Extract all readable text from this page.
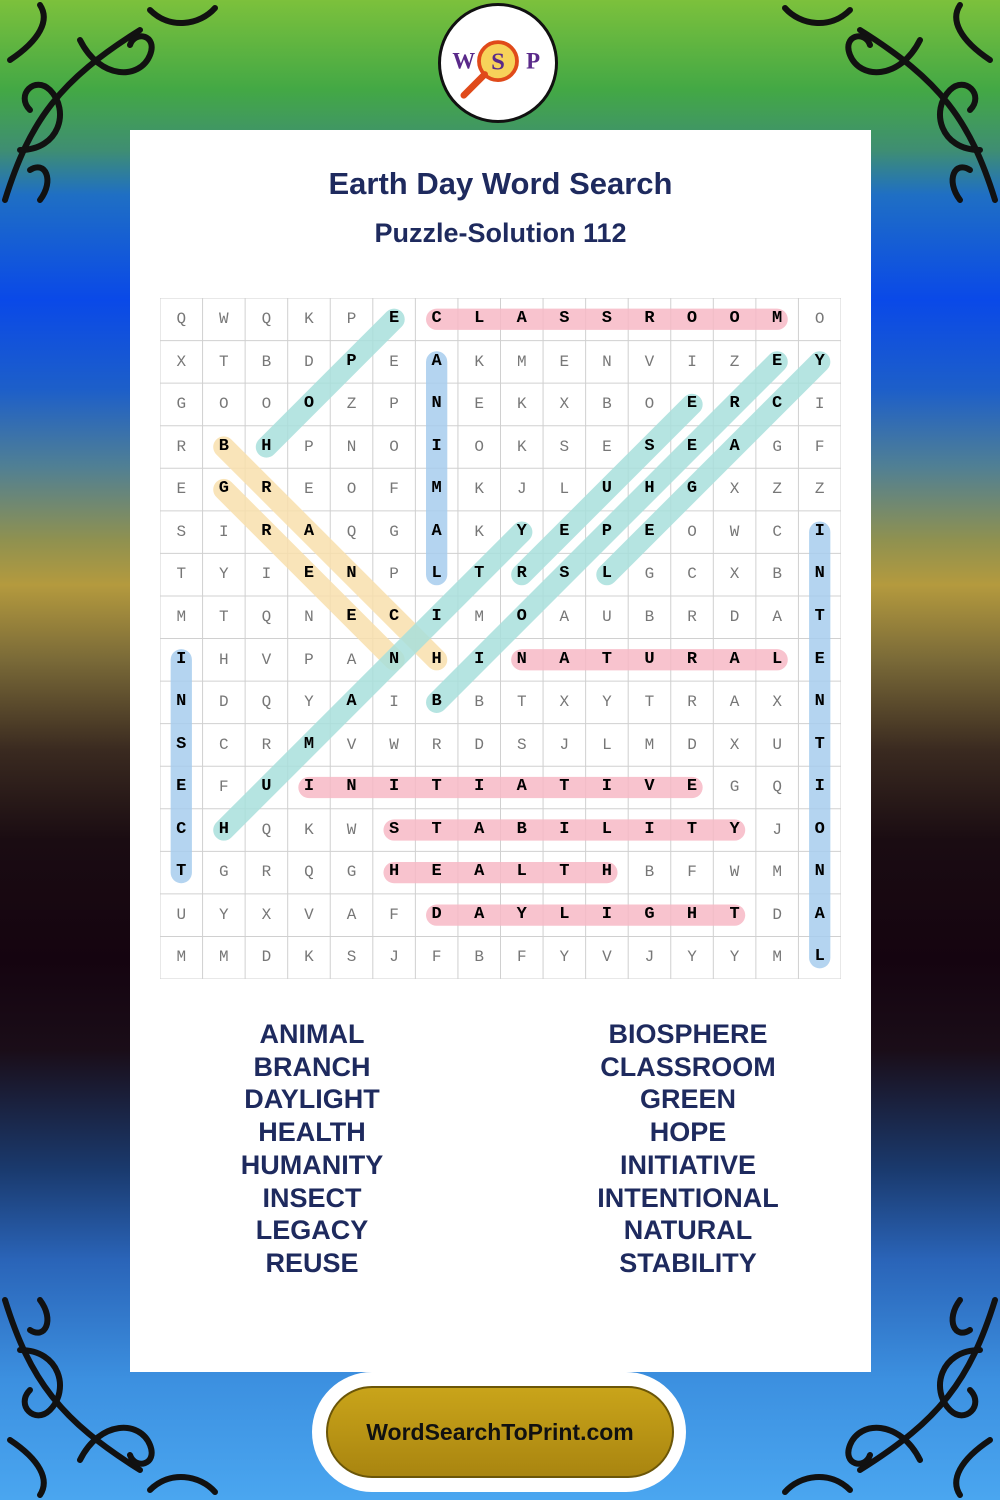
W S P
Earth Day Word Search
Puzzle-Solution 112
Q	W	Q	K	P	E	C	L	A	S	S	R	O	O	M	O
X	T	B	D	P	E	A	K	M	E	N	V	I	Z	E	Y
G	O	O	O	Z	P	N	E	K	X	B	O	E	R	C	I
R	B	H	P	N	O	I	O	K	S	E	S	E	A	G	F
E	G	R	E	O	F	M	K	J	L	U	H	G	X	Z	Z
S	I	R	A	Q	G	A	K	Y	E	P	E	O	W	C	I
T	Y	I	E	N	P	L	T	R	S	L	G	C	X	B	N
M	T	Q	N	E	C	I	M	O	A	U	B	R	D	A	T
I	H	V	P	A	N	H	I	N	A	T	U	R	A	L	E
N	D	Q	Y	A	I	B	B	T	X	Y	T	R	A	X	N
S	C	R	M	V	W	R	D	S	J	L	M	D	X	U	T
E	F	U	I	N	I	T	I	A	T	I	V	E	G	Q	I
C	H	Q	K	W	S	T	A	B	I	L	I	T	Y	J	O
T	G	R	Q	G	H	E	A	L	T	H	B	F	W	M	N
U	Y	X	V	A	F	D	A	Y	L	I	G	H	T	D	A
M	M	D	K	S	J	F	B	F	Y	V	J	Y	Y	M	L
ANIMAL
BRANCH
DAYLIGHT
HEALTH
HUMANITY
INSECT
LEGACY
REUSE
BIOSPHERE
CLASSROOM
GREEN
HOPE
INITIATIVE
INTENTIONAL
NATURAL
STABILITY
WordSearchToPrint.com
